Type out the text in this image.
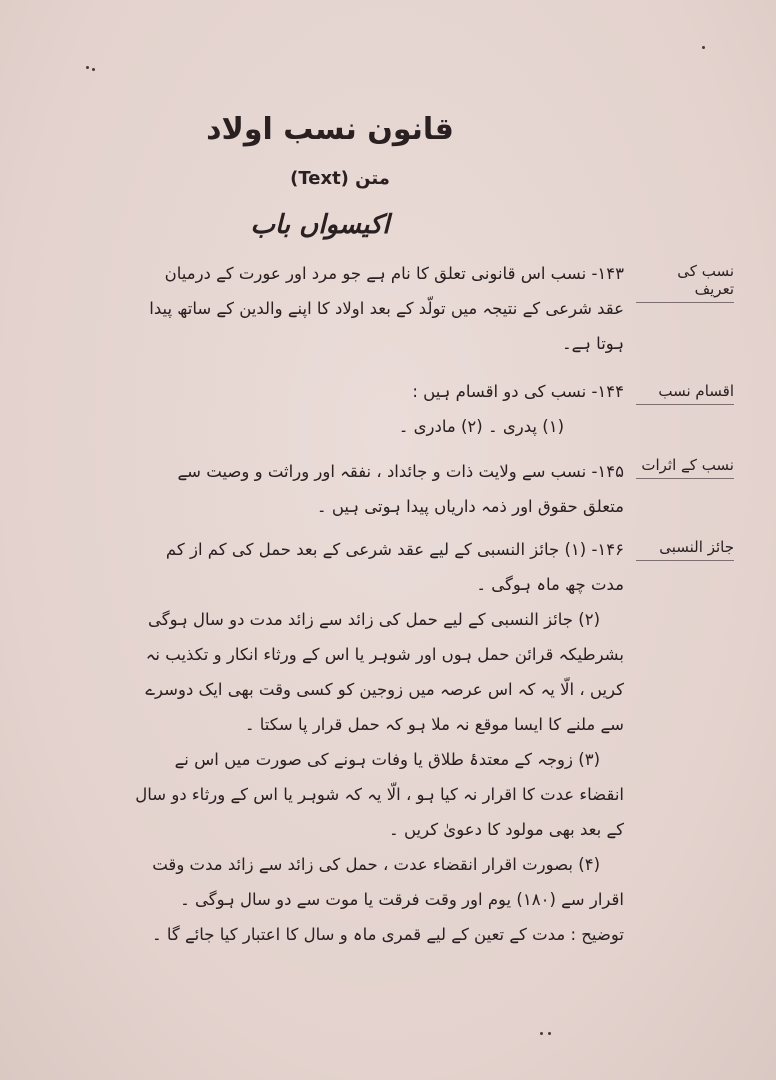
قانون نسب اولاد
متن (Text)
اکیسواں باب
نسب کی تعریف
اقسام نسب
نسب کے اثرات
جائز النسبی
۱۴۳- نسب اس قانونی تعلق کا نام ہے جو مرد اور عورت کے درمیان
عقد شرعی کے نتیجہ میں تولّد کے بعد اولاد کا اپنے والدین کے ساتھ پیدا
ہوتا ہے۔
۱۴۴- نسب کی دو اقسام ہیں :
(۱) پدری ۔ (۲) مادری ۔
۱۴۵- نسب سے ولایت ذات و جائداد ، نفقہ اور وراثت و وصیت سے
متعلق حقوق اور ذمہ داریاں پیدا ہوتی ہیں ۔
۱۴۶- (۱) جائز النسبی کے لیے عقد شرعی کے بعد حمل کی کم از کم
مدت چھ ماہ ہوگی ۔
(۲) جائز النسبی کے لیے حمل کی زائد سے زائد مدت دو سال ہوگی
بشرطیکہ قرائن حمل ہوں اور شوہر یا اس کے ورثاء انکار و تکذیب نہ
کریں ، الّا یہ کہ اس عرصہ میں زوجین کو کسی وقت بھی ایک دوسرے
سے ملنے کا ایسا موقع نہ ملا ہو کہ حمل قرار پا سکتا ۔
(۳) زوجہ کے معتدۂ طلاق یا وفات ہونے کی صورت میں اس نے
انقضاء عدت کا اقرار نہ کیا ہو ، الّا یہ کہ شوہر یا اس کے ورثاء دو سال
کے بعد بھی مولود کا دعویٰ کریں ۔
(۴) بصورت اقرار انقضاء عدت ، حمل کی زائد سے زائد مدت وقت
اقرار سے (۱۸۰) یوم اور وقت فرقت یا موت سے دو سال ہوگی ۔
توضیح : مدت کے تعین کے لیے قمری ماہ و سال کا اعتبار کیا جائے گا ۔
